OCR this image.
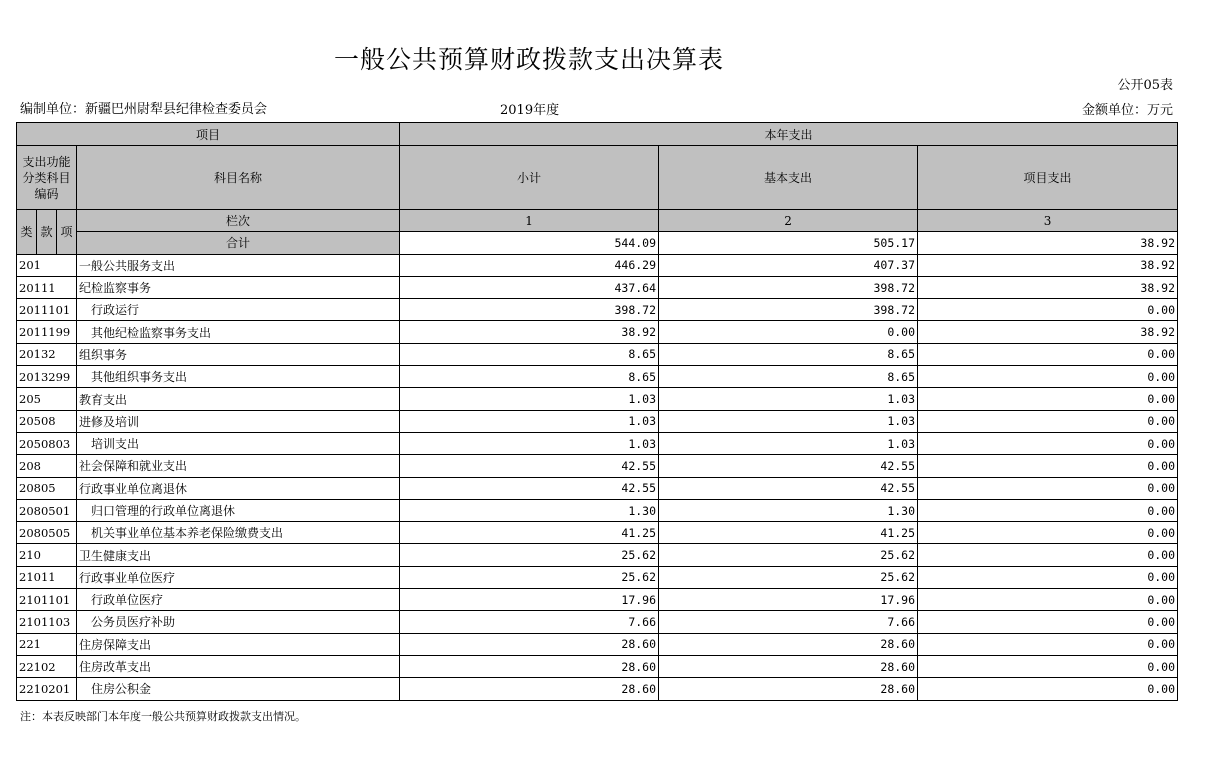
一般公共预算财政拨款支出决算表
公开05表
编制单位：新疆巴州尉犁县纪律检查委员会	2019年度	金额单位：万元
项目				本年支出		
支出功能分类科目编码			科目名称	小计	基本支出	项目支出
类	款	项	栏次	1	2	3
			合计	544.09	505.17	38.92
201			一般公共服务支出	446.29	407.37	38.92
20111			纪检监察事务	437.64	398.72	38.92
2011101			行政运行	398.72	398.72	0.00
2011199			其他纪检监察事务支出	38.92	0.00	38.92
20132			组织事务	8.65	8.65	0.00
2013299			其他组织事务支出	8.65	8.65	0.00
205			教育支出	1.03	1.03	0.00
20508			进修及培训	1.03	1.03	0.00
2050803			培训支出	1.03	1.03	0.00
208			社会保障和就业支出	42.55	42.55	0.00
20805			行政事业单位离退休	42.55	42.55	0.00
2080501			归口管理的行政单位离退休	1.30	1.30	0.00
2080505			机关事业单位基本养老保险缴费支出	41.25	41.25	0.00
210			卫生健康支出	25.62	25.62	0.00
21011			行政事业单位医疗	25.62	25.62	0.00
2101101			行政单位医疗	17.96	17.96	0.00
2101103			公务员医疗补助	7.66	7.66	0.00
221			住房保障支出	28.60	28.60	0.00
22102			住房改革支出	28.60	28.60	0.00
2210201			住房公积金	28.60	28.60	0.00
注：本表反映部门本年度一般公共预算财政拨款支出情况。
